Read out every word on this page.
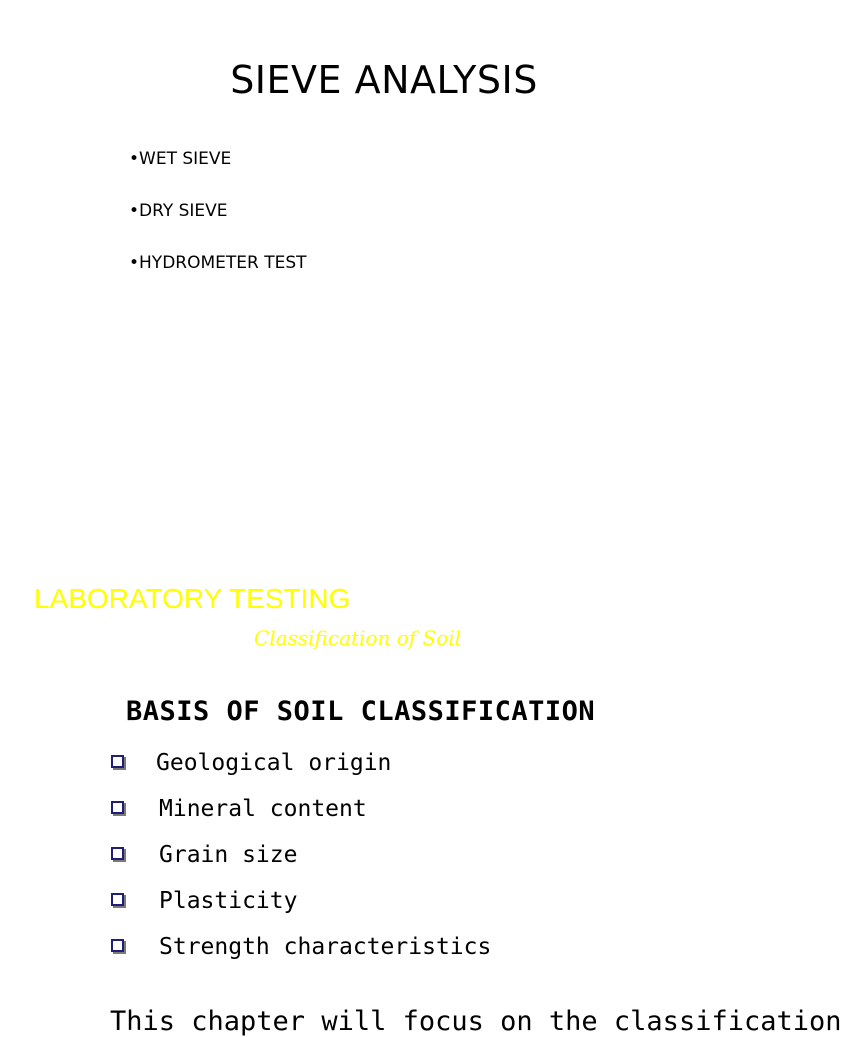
SIEVE ANALYSIS
•WET SIEVE
•DRY SIEVE
•HYDROMETER TEST
LABORATORY TESTING
Classification of Soil
BASIS OF SOIL CLASSIFICATION
Geological origin
Mineral content
Grain size
Plasticity
Strength characteristics
This chapter will focus on the classification
